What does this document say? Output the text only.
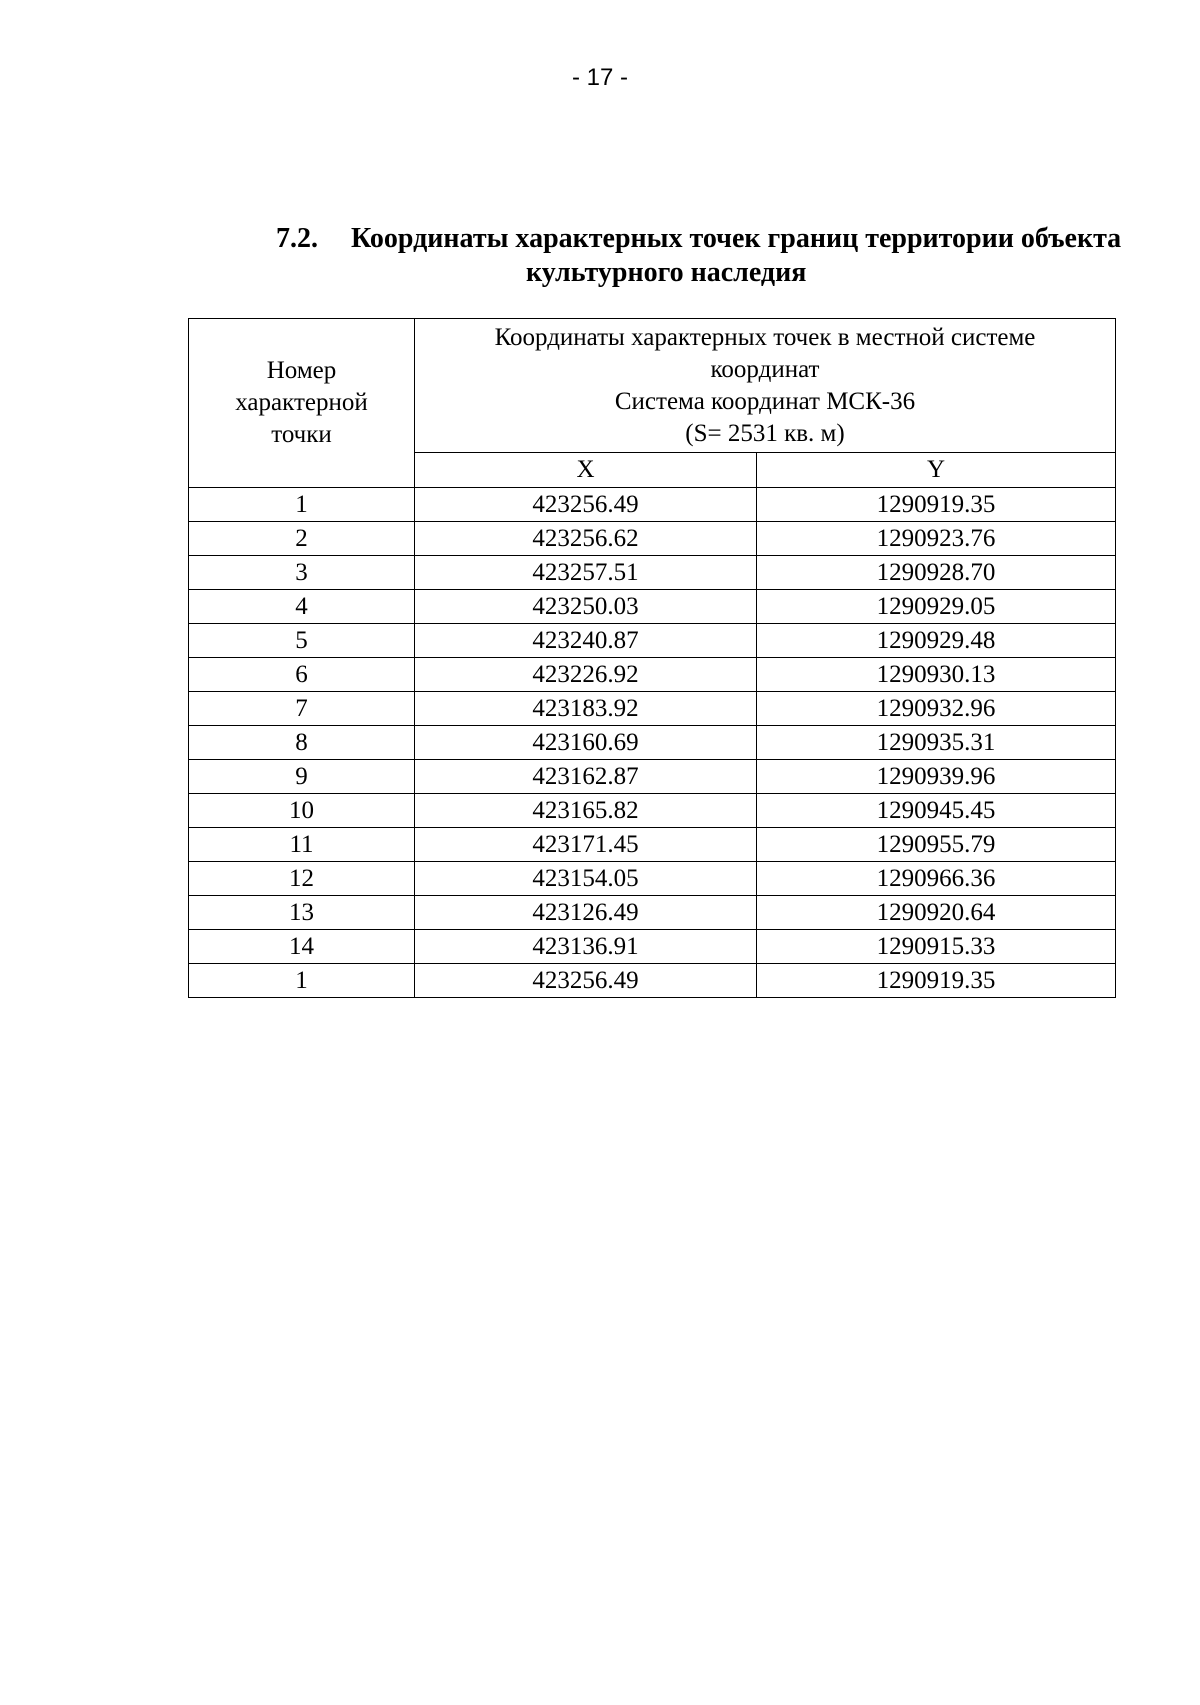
- 17 -
7.2.	Координаты характерных точек границ территории объекта
культурного наследия
Номер
характерной
точки	Координаты характерных точек в местной системе
координат
Система координат МСК-36
(S= 2531 кв. м)	

	X	Y
1	423256.49	1290919.35
2	423256.62	1290923.76
3	423257.51	1290928.70
4	423250.03	1290929.05
5	423240.87	1290929.48
6	423226.92	1290930.13
7	423183.92	1290932.96
8	423160.69	1290935.31
9	423162.87	1290939.96
10	423165.82	1290945.45
11	423171.45	1290955.79
12	423154.05	1290966.36
13	423126.49	1290920.64
14	423136.91	1290915.33
1	423256.49	1290919.35
